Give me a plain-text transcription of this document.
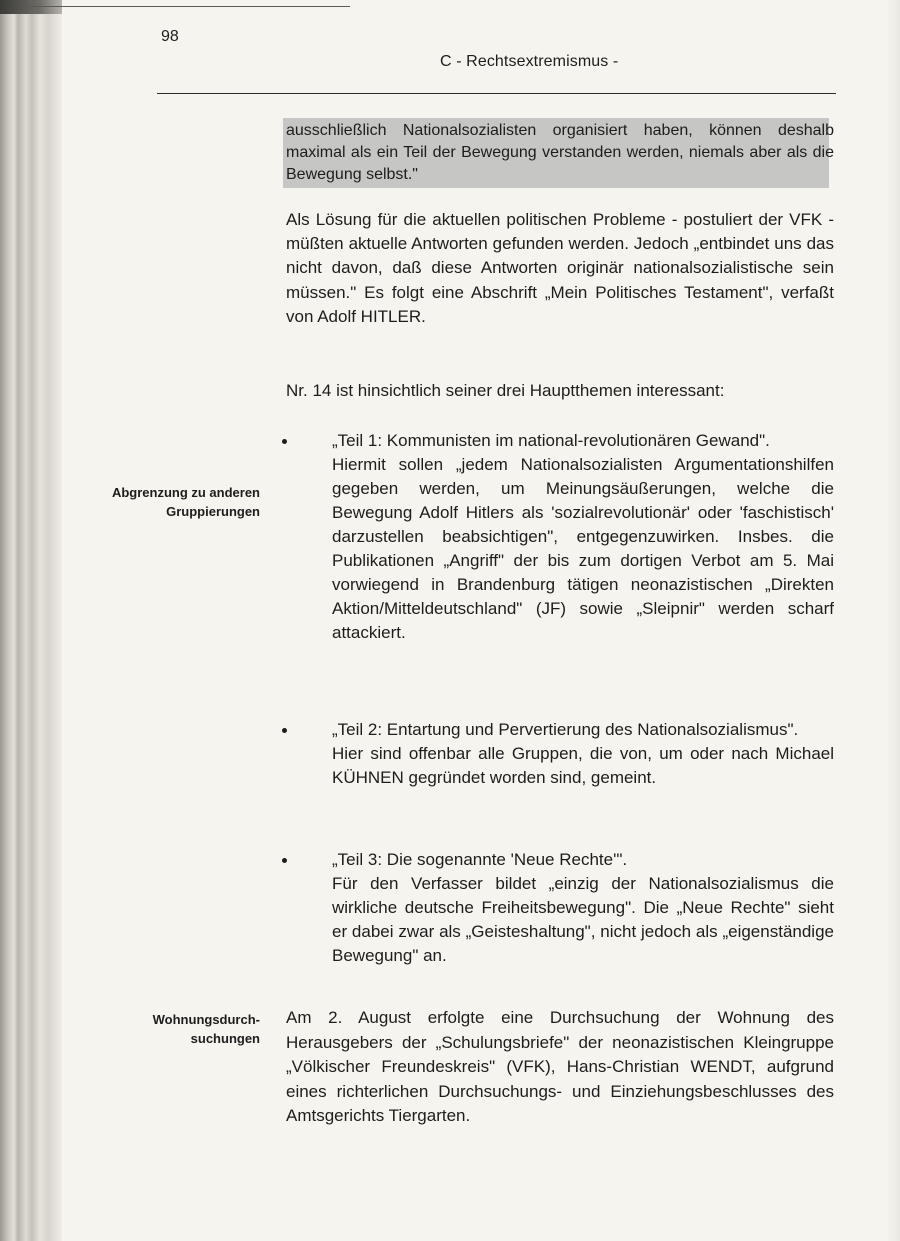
98
C - Rechtsextremismus -

ausschließlich Nationalsozialisten organisiert haben, können deshalb maximal als ein Teil der Bewegung verstanden werden, niemals aber als die Bewegung selbst."

Als Lösung für die aktuellen politischen Probleme - postuliert der VFK - müßten aktuelle Antworten gefunden werden. Jedoch „entbindet uns das nicht davon, daß diese Antworten originär nationalsozialistische sein müssen." Es folgt eine Abschrift „Mein Politisches Testament", verfaßt von Adolf HITLER.

Nr. 14 ist hinsichtlich seiner drei Hauptthemen interessant:

Abgrenzung zu anderen Gruppierungen

„Teil 1: Kommunisten im national-revolutionären Gewand".

Hiermit sollen „jedem Nationalsozialisten Argumentationshilfen gegeben werden, um Meinungsäußerungen, welche die Bewegung Adolf Hitlers als 'sozialrevolutionär' oder 'faschistisch' darzustellen beabsichtigen", entgegenzuwirken. Insbes. die Publikationen „Angriff" der bis zum dortigen Verbot am 5. Mai vorwiegend in Brandenburg tätigen neonazistischen „Direkten Aktion/Mitteldeutschland" (JF) sowie „Sleipnir" werden scharf attackiert.

„Teil 2: Entartung und Pervertierung des Nationalsozialismus".

Hier sind offenbar alle Gruppen, die von, um oder nach Michael KÜHNEN gegründet worden sind, gemeint.

„Teil 3: Die sogenannte 'Neue Rechte'".

Für den Verfasser bildet „einzig der Nationalsozialismus die wirkliche deutsche Freiheitsbewegung". Die „Neue Rechte" sieht er dabei zwar als „Geisteshaltung", nicht jedoch als „eigenständige Bewegung" an.

Wohnungsdurch-suchungen

Am 2. August erfolgte eine Durchsuchung der Wohnung des Herausgebers der „Schulungsbriefe" der neonazistischen Kleingruppe „Völkischer Freundeskreis" (VFK), Hans-Christian WENDT, aufgrund eines richterlichen Durchsuchungs- und Einziehungsbeschlusses des Amtsgerichts Tiergarten.
